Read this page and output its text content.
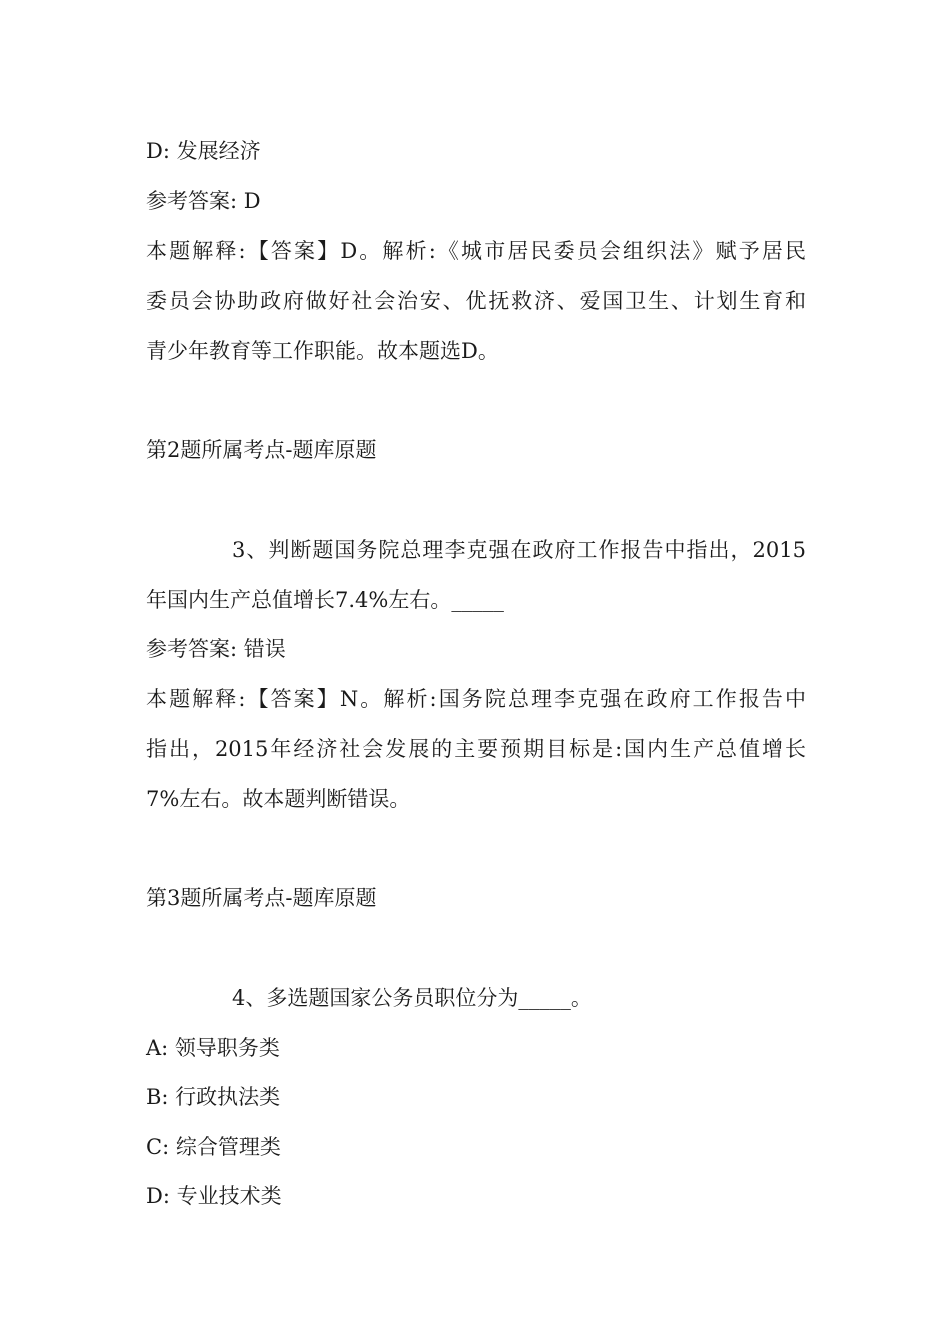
D: 发展经济
参考答案: D
本题解释:【答案】D。解析:《城市居民委员会组织法》赋予居民
委员会协助政府做好社会治安、优抚救济、爱国卫生、计划生育和
青少年教育等工作职能。故本题选D。
第2题所属考点-题库原题
3、判断题国务院总理李克强在政府工作报告中指出，2015
年国内生产总值增长7.4%左右。_____
参考答案: 错误
本题解释:【答案】N。解析:国务院总理李克强在政府工作报告中
指出，2015年经济社会发展的主要预期目标是:国内生产总值增长
7%左右。故本题判断错误。
第3题所属考点-题库原题
4、多选题国家公务员职位分为_____。
A: 领导职务类
B: 行政执法类
C: 综合管理类
D: 专业技术类
